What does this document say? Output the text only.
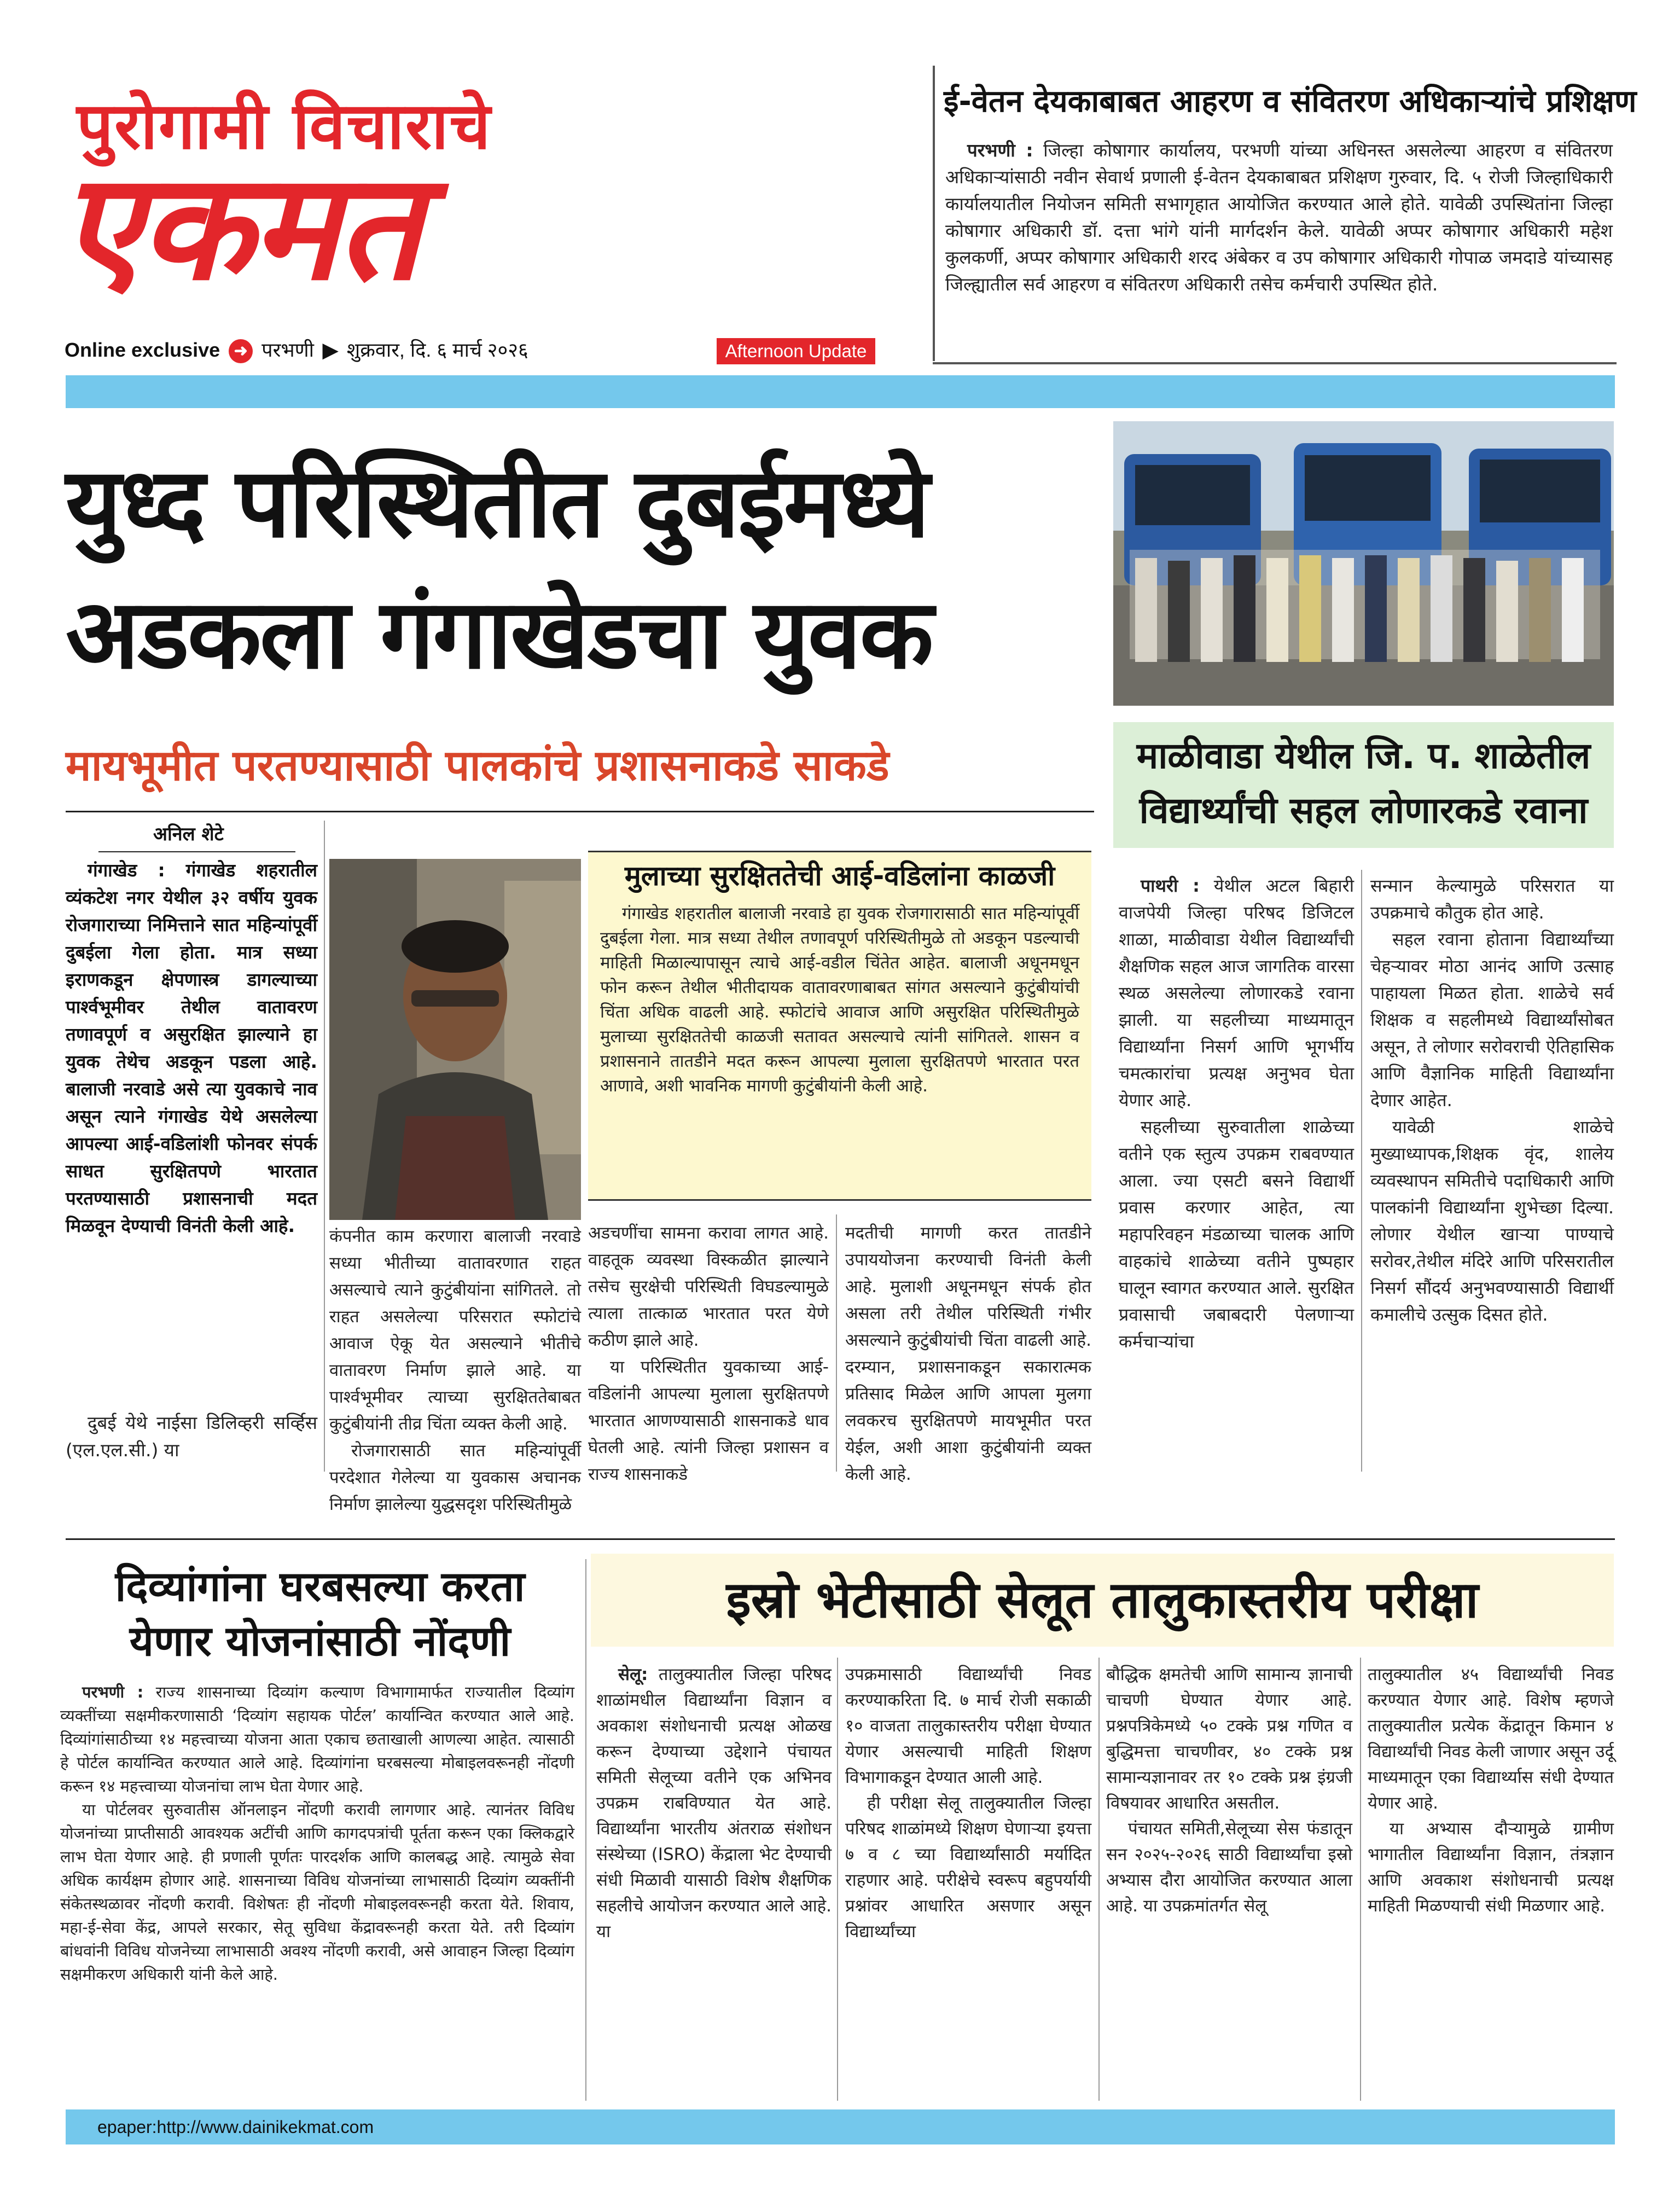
पुरोगामी विचाराचे
एकमत
Online exclusive ➜ परभणी ▶ शुक्रवार, दि. ६ मार्च २०२६	Afternoon Update
ई-वेतन देयकाबाबत आहरण व संवितरण अधिकाऱ्यांचे प्रशिक्षण
परभणी : जिल्हा कोषागार कार्यालय, परभणी यांच्या अधिनस्त असलेल्या आहरण व संवितरण अधिकाऱ्यांसाठी नवीन सेवार्थ प्रणाली ई-वेतन देयकाबाबत प्रशिक्षण गुरुवार, दि. ५ रोजी जिल्हाधिकारी कार्यालयातील नियोजन समिती सभागृहात आयोजित करण्यात आले होते. यावेळी उपस्थितांना जिल्हा कोषागार अधिकारी डॉ. दत्ता भांगे यांनी मार्गदर्शन केले. यावेळी अप्पर कोषागार अधिकारी महेश कुलकर्णी, अप्पर कोषागार अधिकारी शरद अंबेकर व उप कोषागार अधिकारी गोपाळ जमदाडे यांच्यासह जिल्ह्यातील सर्व आहरण व संवितरण अधिकारी तसेच कर्मचारी उपस्थित होते.
युध्द परिस्थितीत दुबईमध्ये
अडकला गंगाखेडचा युवक
मायभूमीत परतण्यासाठी पालकांचे प्रशासनाकडे साकडे
अनिल शेटे
गंगाखेड : गंगाखेड शहरातील व्यंकटेश नगर येथील ३२ वर्षीय युवक रोजगाराच्या निमित्ताने सात महिन्यांपूर्वी दुबईला गेला होता. मात्र सध्या इराणकडून क्षेपणास्त्र डागल्याच्या पार्श्वभूमीवर तेथील वातावरण तणावपूर्ण व असुरक्षित झाल्याने हा युवक तेथेच अडकून पडला आहे. बालाजी नरवाडे असे त्या युवकाचे नाव असून त्याने गंगाखेड येथे असलेल्या आपल्या आई-वडिलांशी फोनवर संपर्क साधत सुरक्षितपणे भारतात परतण्यासाठी प्रशासनाची मदत मिळवून देण्याची विनंती केली आहे.
दुबई येथे नाईसा डिलिव्हरी सर्व्हिस (एल.एल.सी.) या
कंपनीत काम करणारा बालाजी नरवाडे सध्या भीतीच्या वातावरणात राहत असल्याचे त्याने कुटुंबीयांना सांगितले. तो राहत असलेल्या परिसरात स्फोटांचे आवाज ऐकू येत असल्याने भीतीचे वातावरण निर्माण झाले आहे. या पार्श्वभूमीवर त्याच्या सुरक्षिततेबाबत कुटुंबीयांनी तीव्र चिंता व्यक्त केली आहे.
रोजगारासाठी सात महिन्यांपूर्वी परदेशात गेलेल्या या युवकास अचानक निर्माण झालेल्या युद्धसदृश परिस्थितीमुळे
मुलाच्या सुरक्षिततेची आई-वडिलांना काळजी
गंगाखेड शहरातील बालाजी नरवाडे हा युवक रोजगारासाठी सात महिन्यांपूर्वी दुबईला गेला. मात्र सध्या तेथील तणावपूर्ण परिस्थितीमुळे तो अडकून पडल्याची माहिती मिळाल्यापासून त्याचे आई-वडील चिंतेत आहेत. बालाजी अधूनमधून फोन करून तेथील भीतीदायक वातावरणाबाबत सांगत असल्याने कुटुंबीयांची चिंता अधिक वाढली आहे. स्फोटांचे आवाज आणि असुरक्षित परिस्थितीमुळे मुलाच्या सुरक्षिततेची काळजी सतावत असल्याचे त्यांनी सांगितले. शासन व प्रशासनाने तातडीने मदत करून आपल्या मुलाला सुरक्षितपणे भारतात परत आणावे, अशी भावनिक मागणी कुटुंबीयांनी केली आहे.
अडचणींचा सामना करावा लागत आहे. वाहतूक व्यवस्था विस्कळीत झाल्याने तसेच सुरक्षेची परिस्थिती विघडल्यामुळे त्याला तात्काळ भारतात परत येणे कठीण झाले आहे.
या परिस्थितीत युवकाच्या आई-वडिलांनी आपल्या मुलाला सुरक्षितपणे भारतात आणण्यासाठी शासनाकडे धाव घेतली आहे. त्यांनी जिल्हा प्रशासन व राज्य शासनाकडे
मदतीची मागणी करत तातडीने उपाययोजना करण्याची विनंती केली आहे. मुलाशी अधूनमधून संपर्क होत असला तरी तेथील परिस्थिती गंभीर असल्याने कुटुंबीयांची चिंता वाढली आहे. दरम्यान, प्रशासनाकडून सकारात्मक प्रतिसाद मिळेल आणि आपला मुलगा लवकरच सुरक्षितपणे मायभूमीत परत येईल, अशी आशा कुटुंबीयांनी व्यक्त केली आहे.
माळीवाडा येथील जि. प. शाळेतील
विद्यार्थ्यांची सहल लोणारकडे रवाना
पाथरी : येथील अटल बिहारी वाजपेयी जिल्हा परिषद डिजिटल शाळा, माळीवाडा येथील विद्यार्थ्यांची शैक्षणिक सहल आज जागतिक वारसा स्थळ असलेल्या लोणारकडे रवाना झाली. या सहलीच्या माध्यमातून विद्यार्थ्यांना निसर्ग आणि भूगर्भीय चमत्कारांचा प्रत्यक्ष अनुभव घेता येणार आहे.
सहलीच्या सुरुवातीला शाळेच्या वतीने एक स्तुत्य उपक्रम राबवण्यात आला. ज्या एसटी बसने विद्यार्थी प्रवास करणार आहेत, त्या महापरिवहन मंडळाच्या चालक आणि वाहकांचे शाळेच्या वतीने पुष्पहार घालून स्वागत करण्यात आले. सुरक्षित प्रवासाची जबाबदारी पेलणाऱ्या कर्मचाऱ्यांचा
सन्मान केल्यामुळे परिसरात या उपक्रमाचे कौतुक होत आहे.
सहल रवाना होताना विद्यार्थ्यांच्या चेहऱ्यावर मोठा आनंद आणि उत्साह पाहायला मिळत होता. शाळेचे सर्व शिक्षक व सहलीमध्ये विद्यार्थ्यांसोबत असून, ते लोणार सरोवराची ऐतिहासिक आणि वैज्ञानिक माहिती विद्यार्थ्यांना देणार आहेत.
यावेळी शाळेचे मुख्याध्यापक,शिक्षक वृंद, शालेय व्यवस्थापन समितीचे पदाधिकारी आणि पालकांनी विद्यार्थ्यांना शुभेच्छा दिल्या. लोणार येथील खाऱ्या पाण्याचे सरोवर,तेथील मंदिरे आणि परिसरातील निसर्ग सौंदर्य अनुभवण्यासाठी विद्यार्थी कमालीचे उत्सुक दिसत होते.
दिव्यांगांना घरबसल्या करता
येणार योजनांसाठी नोंदणी
परभणी : राज्य शासनाच्या दिव्यांग कल्याण विभागामार्फत राज्यातील दिव्यांग व्यक्तींच्या सक्षमीकरणासाठी ‘दिव्यांग सहायक पोर्टल’ कार्यान्वित करण्यात आले आहे. दिव्यांगांसाठीच्या १४ महत्त्वाच्या योजना आता एकाच छताखाली आणल्या आहेत. त्यासाठी हे पोर्टल कार्यान्वित करण्यात आले आहे. दिव्यांगांना घरबसल्या मोबाइलवरूनही नोंदणी करून १४ महत्त्वाच्या योजनांचा लाभ घेता येणार आहे.
या पोर्टलवर सुरुवातीस ऑनलाइन नोंदणी करावी लागणार आहे. त्यानंतर विविध योजनांच्या प्राप्तीसाठी आवश्यक अटींची आणि कागदपत्रांची पूर्तता करून एका क्लिकद्वारे लाभ घेता येणार आहे. ही प्रणाली पूर्णतः पारदर्शक आणि कालबद्ध आहे. त्यामुळे सेवा अधिक कार्यक्षम होणार आहे. शासनाच्या विविध योजनांच्या लाभासाठी दिव्यांग व्यक्तींनी संकेतस्थळावर नोंदणी करावी. विशेषतः ही नोंदणी मोबाइलवरूनही करता येते. शिवाय, महा-ई-सेवा केंद्र, आपले सरकार, सेतू सुविधा केंद्रावरूनही करता येते. तरी दिव्यांग बांधवांनी विविध योजनेच्या लाभासाठी अवश्य नोंदणी करावी, असे आवाहन जिल्हा दिव्यांग सक्षमीकरण अधिकारी यांनी केले आहे.
इस्रो भेटीसाठी सेलूत तालुकास्तरीय परीक्षा
सेलू: तालुक्यातील जिल्हा परिषद शाळांमधील विद्यार्थ्यांना विज्ञान व अवकाश संशोधनाची प्रत्यक्ष ओळख करून देण्याच्या उद्देशाने पंचायत समिती सेलूच्या वतीने एक अभिनव उपक्रम राबविण्यात येत आहे. विद्यार्थ्यांना भारतीय अंतराळ संशोधन संस्थेच्या (ISRO) केंद्राला भेट देण्याची संधी मिळावी यासाठी विशेष शैक्षणिक सहलीचे आयोजन करण्यात आले आहे. या
उपक्रमासाठी विद्यार्थ्यांची निवड करण्याकरिता दि. ७ मार्च रोजी सकाळी १० वाजता तालुकास्तरीय परीक्षा घेण्यात येणार असल्याची माहिती शिक्षण विभागाकडून देण्यात आली आहे.
ही परीक्षा सेलू तालुक्यातील जिल्हा परिषद शाळांमध्ये शिक्षण घेणाऱ्या इयत्ता ७ व ८ च्या विद्यार्थ्यांसाठी मर्यादित राहणार आहे. परीक्षेचे स्वरूप बहुपर्यायी प्रश्नांवर आधारित असणार असून विद्यार्थ्यांच्या
बौद्धिक क्षमतेची आणि सामान्य ज्ञानाची चाचणी घेण्यात येणार आहे. प्रश्नपत्रिकेमध्ये ५० टक्के प्रश्न गणित व बुद्धिमत्ता चाचणीवर, ४० टक्के प्रश्न सामान्यज्ञानावर तर १० टक्के प्रश्न इंग्रजी विषयावर आधारित असतील.
पंचायत समिती,सेलूच्या सेस फंडातून सन २०२५-२०२६ साठी विद्यार्थ्यांचा इस्रो अभ्यास दौरा आयोजित करण्यात आला आहे. या उपक्रमांतर्गत सेलू
तालुक्यातील ४५ विद्यार्थ्यांची निवड करण्यात येणार आहे. विशेष म्हणजे तालुक्यातील प्रत्येक केंद्रातून किमान ४ विद्यार्थ्यांची निवड केली जाणार असून उर्दू माध्यमातून एका विद्यार्थ्यास संधी देण्यात येणार आहे.
या अभ्यास दौऱ्यामुळे ग्रामीण भागातील विद्यार्थ्यांना विज्ञान, तंत्रज्ञान आणि अवकाश संशोधनाची प्रत्यक्ष माहिती मिळण्याची संधी मिळणार आहे.
epaper:http://www.dainikekmat.com
